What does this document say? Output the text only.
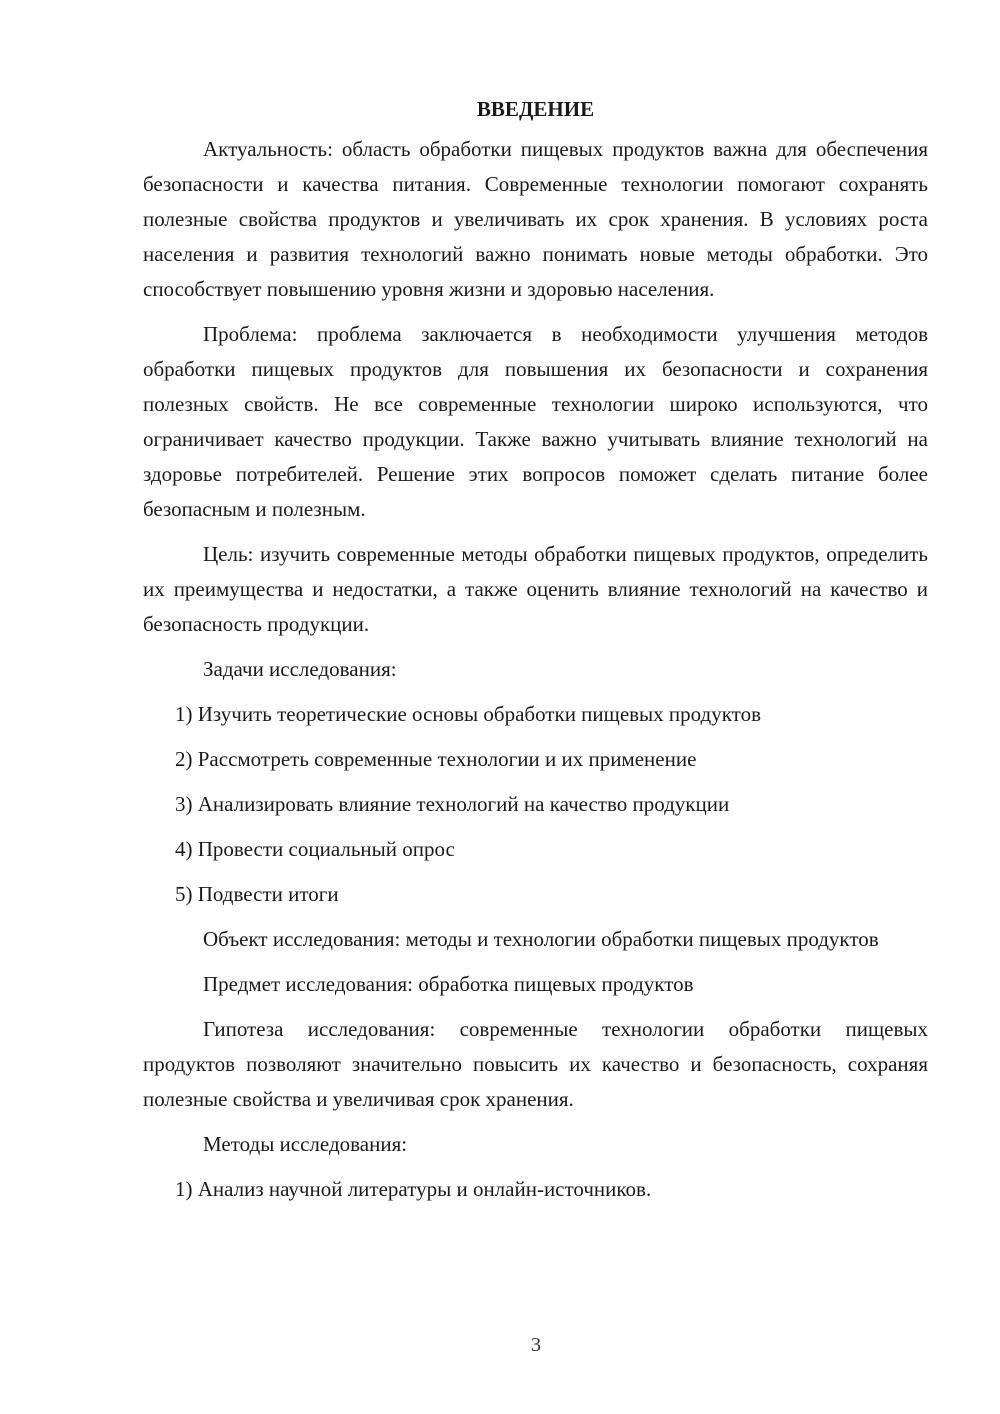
ВВЕДЕНИЕ

Актуальность: область обработки пищевых продуктов важна для обеспечения безопасности и качества питания. Современные технологии помогают сохранять полезные свойства продуктов и увеличивать их срок хранения. В условиях роста населения и развития технологий важно понимать новые методы обработки. Это способствует повышению уровня жизни и здоровью населения.

Проблема: проблема заключается в необходимости улучшения методов обработки пищевых продуктов для повышения их безопасности и сохранения полезных свойств. Не все современные технологии широко используются, что ограничивает качество продукции. Также важно учитывать влияние технологий на здоровье потребителей. Решение этих вопросов поможет сделать питание более безопасным и полезным.

Цель: изучить современные методы обработки пищевых продуктов, определить их преимущества и недостатки, а также оценить влияние технологий на качество и безопасность продукции.

Задачи исследования:

1) Изучить теоретические основы обработки пищевых продуктов
2) Рассмотреть современные технологии и их применение
3) Анализировать влияние технологий на качество продукции
4) Провести социальный опрос
5) Подвести итоги

Объект исследования: методы и технологии обработки пищевых продуктов

Предмет исследования: обработка пищевых продуктов

Гипотеза исследования: современные технологии обработки пищевых продуктов позволяют значительно повысить их качество и безопасность, сохраняя полезные свойства и увеличивая срок хранения.

Методы исследования:

1) Анализ научной литературы и онлайн-источников.
3
